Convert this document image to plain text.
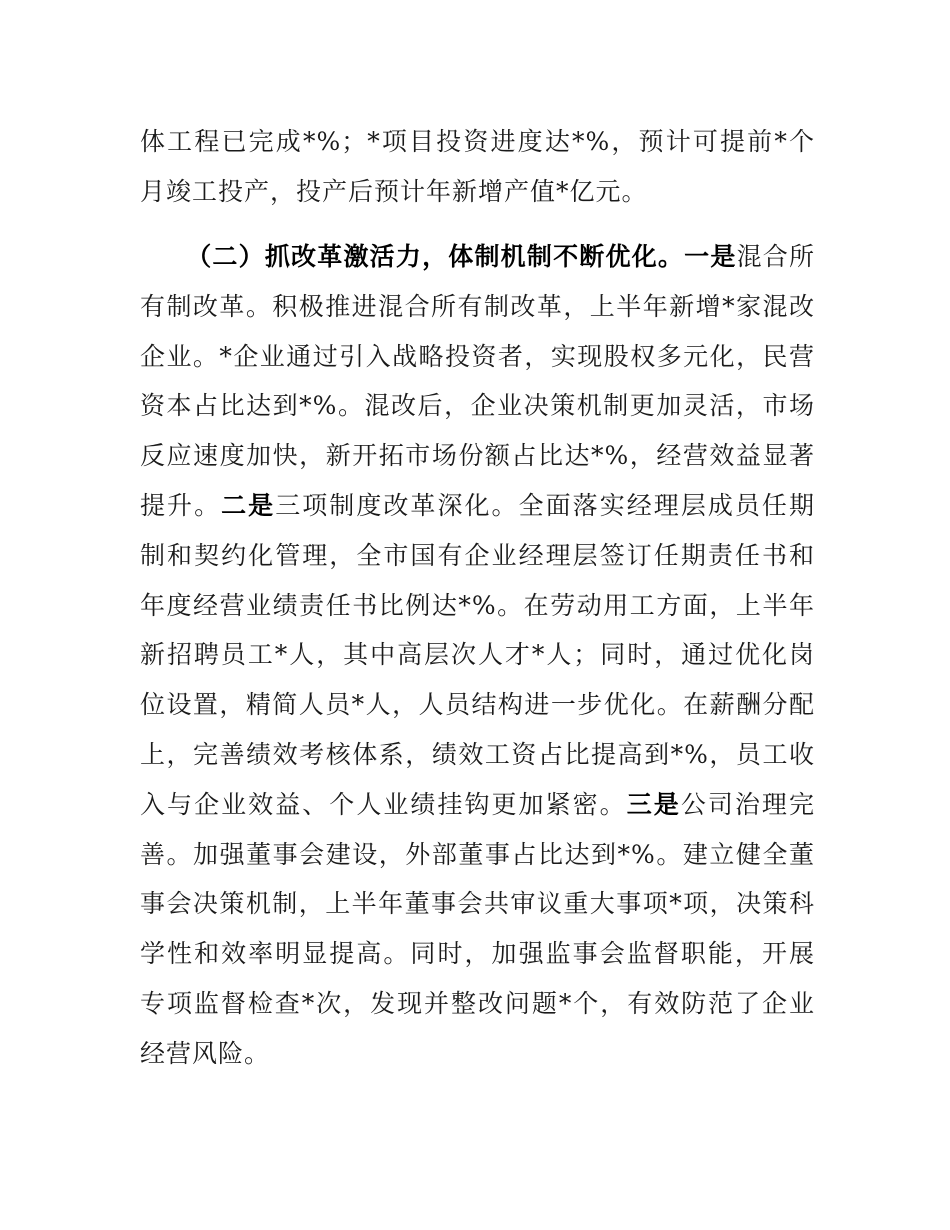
体工程已完成*%；*项目投资进度达*%，预计可提前*个月竣工投产，投产后预计年新增产值*亿元。
（二）抓改革激活力，体制机制不断优化。一是混合所有制改革。积极推进混合所有制改革，上半年新增*家混改企业。*企业通过引入战略投资者，实现股权多元化，民营资本占比达到*%。混改后，企业决策机制更加灵活，市场反应速度加快，新开拓市场份额占比达*%，经营效益显著提升。二是三项制度改革深化。全面落实经理层成员任期制和契约化管理，全市国有企业经理层签订任期责任书和年度经营业绩责任书比例达*%。在劳动用工方面，上半年新招聘员工*人，其中高层次人才*人；同时，通过优化岗位设置，精简人员*人，人员结构进一步优化。在薪酬分配上，完善绩效考核体系，绩效工资占比提高到*%，员工收入与企业效益、个人业绩挂钩更加紧密。三是公司治理完善。加强董事会建设，外部董事占比达到*%。建立健全董事会决策机制，上半年董事会共审议重大事项*项，决策科学性和效率明显提高。同时，加强监事会监督职能，开展专项监督检查*次，发现并整改问题*个，有效防范了企业经营风险。
